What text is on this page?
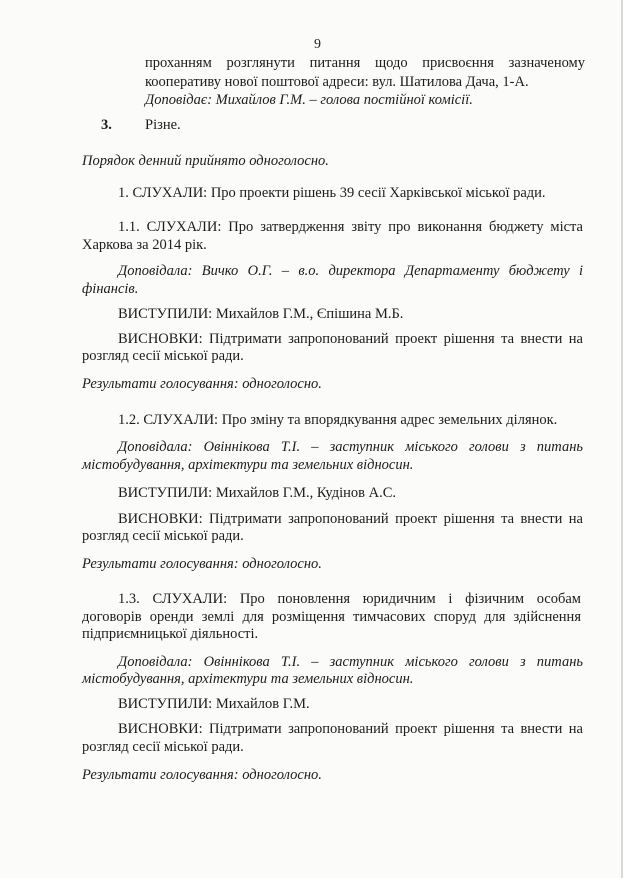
9

проханням розглянути питання щодо присвоєння зазначеному

кооперативу нової поштової адреси: вул. Шатилова Дача, 1-А.

Доповідає: Михайлов Г.М. – голова постійної комісії.

3. Різне.

Порядок денний прийнято одноголосно.

1. СЛУХАЛИ: Про проекти рішень 39 сесії Харківської міської ради.

1.1. СЛУХАЛИ: Про затвердження звіту про виконання бюджету міста

Харкова за 2014 рік.

Доповідала: Вичко О.Г. – в.о. директора Департаменту бюджету і

фінансів.

ВИСТУПИЛИ: Михайлов Г.М., Єпішина М.Б.

ВИСНОВКИ: Підтримати запропонований проект рішення та внести на

розгляд сесії міської ради.

Результати голосування: одноголосно.

1.2. СЛУХАЛИ: Про зміну та впорядкування адрес земельних ділянок.

Доповідала: Овіннікова Т.І. – заступник міського голови з питань

містобудування, архітектури та земельних відносин.

ВИСТУПИЛИ: Михайлов Г.М., Кудінов А.С.

ВИСНОВКИ: Підтримати запропонований проект рішення та внести на

розгляд сесії міської ради.

Результати голосування: одноголосно.

1.3. СЛУХАЛИ: Про поновлення юридичним і фізичним особам

договорів оренди землі для розміщення тимчасових споруд для здійснення

підприємницької діяльності.

Доповідала: Овіннікова Т.І. – заступник міського голови з питань

містобудування, архітектури та земельних відносин.

ВИСТУПИЛИ: Михайлов Г.М.

ВИСНОВКИ: Підтримати запропонований проект рішення та внести на

розгляд сесії міської ради.

Результати голосування: одноголосно.
